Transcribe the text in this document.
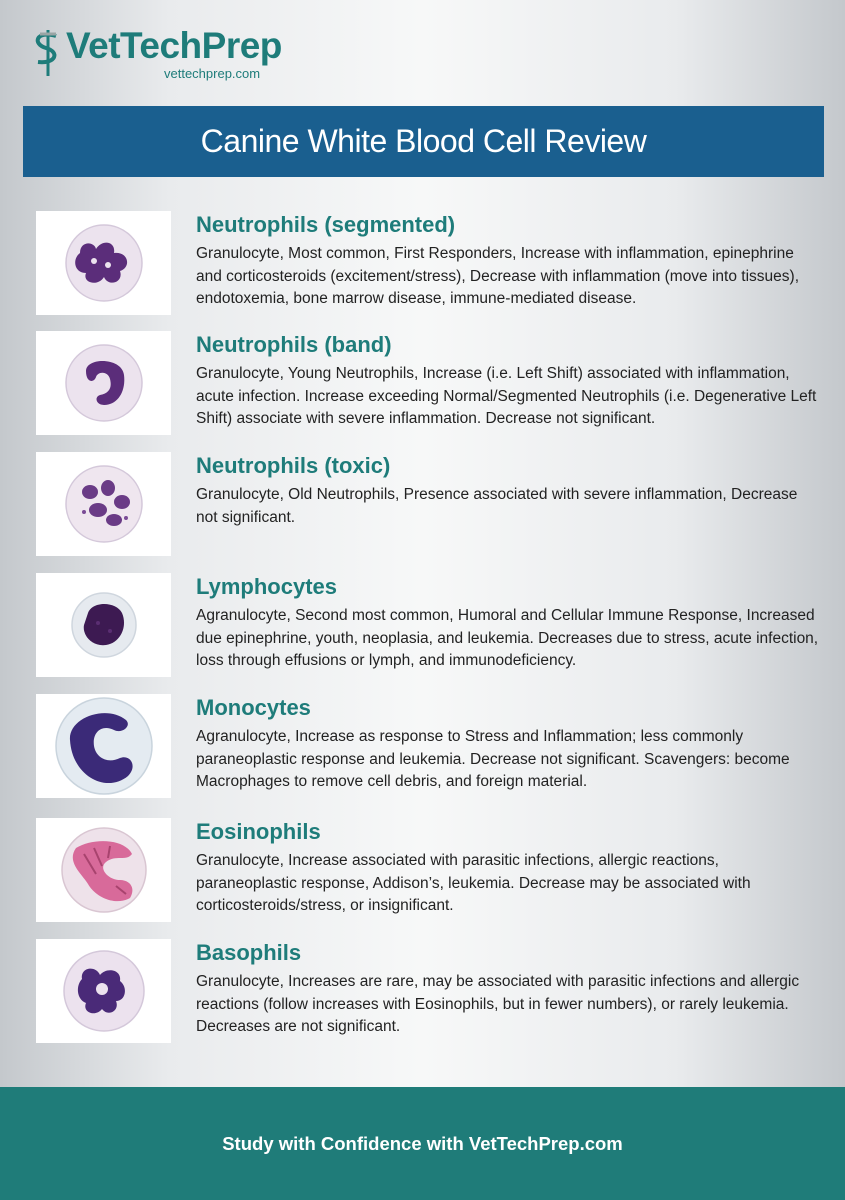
VetTechPrep
vettechprep.com
Canine White Blood Cell Review
Neutrophils (segmented)
Granulocyte, Most common, First Responders, Increase with inflammation, epinephrine and corticosteroids (excitement/stress), Decrease with inflammation (move into tissues), endotoxemia, bone marrow disease, immune-mediated disease.
Neutrophils (band)
Granulocyte, Young Neutrophils, Increase (i.e. Left Shift) associated with inflammation, acute infection. Increase exceeding Normal/Segmented Neutrophils (i.e. Degenerative Left Shift) associate with severe inflammation. Decrease not significant.
Neutrophils (toxic)
Granulocyte, Old Neutrophils, Presence associated with severe inflammation, Decrease not significant.
Lymphocytes
Agranulocyte, Second most common, Humoral and Cellular Immune Response, Increased due epinephrine, youth, neoplasia, and leukemia. Decreases due to stress, acute infection, loss through effusions or lymph, and immunodeficiency.
Monocytes
Agranulocyte, Increase as response to Stress and Inflammation; less commonly paraneoplastic response and leukemia. Decrease not significant. Scavengers: become Macrophages to remove cell debris, and foreign material.
Eosinophils
Granulocyte, Increase associated with parasitic infections, allergic reactions, paraneoplastic response, Addison’s, leukemia. Decrease may be associated with corticosteroids/stress, or insignificant.
Basophils
Granulocyte, Increases are rare, may be associated with parasitic infections and allergic reactions (follow increases with Eosinophils, but in fewer numbers), or rarely leukemia. Decreases are not significant.
Study with Confidence with VetTechPrep.com
